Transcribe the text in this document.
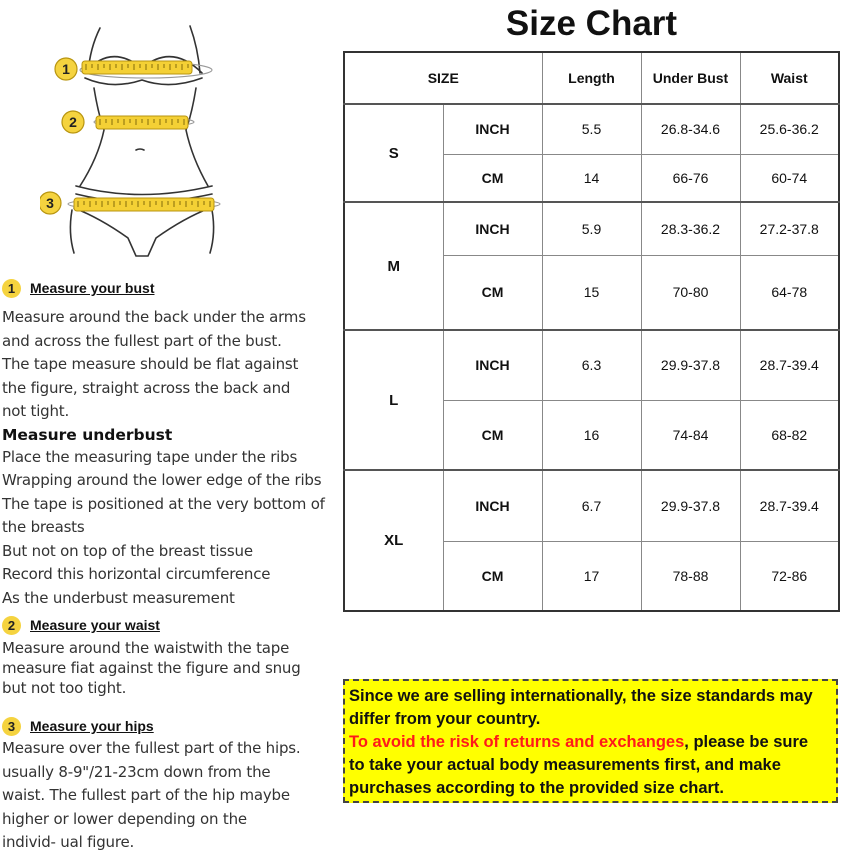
1
2
3
1	Measure your bust
Measure around the back under the arms
and across the fullest part of the bust.
The tape measure should be flat against
the figure, straight across the back and
not tight.
Measure underbust
Place the measuring tape under the ribs
Wrapping around the lower edge of the ribs
The tape is positioned at the very bottom of
the breasts
But not on top of the breast tissue
Record this horizontal circumference
As the underbust measurement
2	Measure your waist
Measure around the waistwith the tape
measure fiat against the figure and snug
but not too tight.
3	Measure your hips
Measure over the fullest part of the hips.
usually 8-9"/21-23cm down from the
waist. The fullest part of the hip maybe
higher or lower depending on the
individ- ual figure.
Size Chart
SIZE		Length	Under Bust	Waist
S	INCH	5.5	26.8-34.6	25.6-36.2
	CM	14	66-76	60-74
M	INCH	5.9	28.3-36.2	27.2-37.8
	CM	15	70-80	64-78
L	INCH	6.3	29.9-37.8	28.7-39.4
	CM	16	74-84	68-82
XL	INCH	6.7	29.9-37.8	28.7-39.4
	CM	17	78-88	72-86
Since we are selling internationally, the size standards may
differ from your country.
To avoid the risk of returns and exchanges, please be sure
to take your actual body measurements first, and make
purchases according to the provided size chart.
